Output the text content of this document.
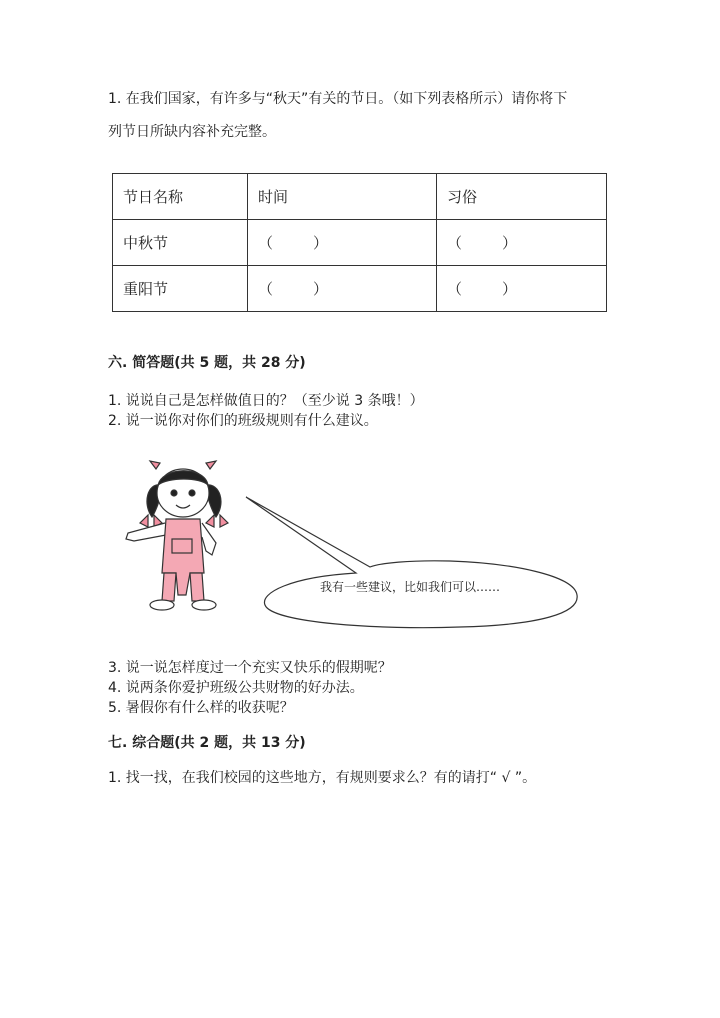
1. 在我们国家，有许多与“秋天”有关的节日。（如下列表格所示）请你将下
列节日所缺内容补充完整。
节日名称	时间	习俗
中秋节	（ ）	（ ）

重阳节	（ ）	（ ）
六. 简答题(共 5 题，共 28 分)
1. 说说自己是怎样做值日的？（至少说 3 条哦！）
2. 说一说你对你们的班级规则有什么建议。
我有一些建议，比如我们可以……
3. 说一说怎样度过一个充实又快乐的假期呢？
4. 说两条你爱护班级公共财物的好办法。
5. 暑假你有什么样的收获呢？
七. 综合题(共 2 题，共 13 分)
1. 找一找，在我们校园的这些地方，有规则要求么？有的请打“ √ ”。
